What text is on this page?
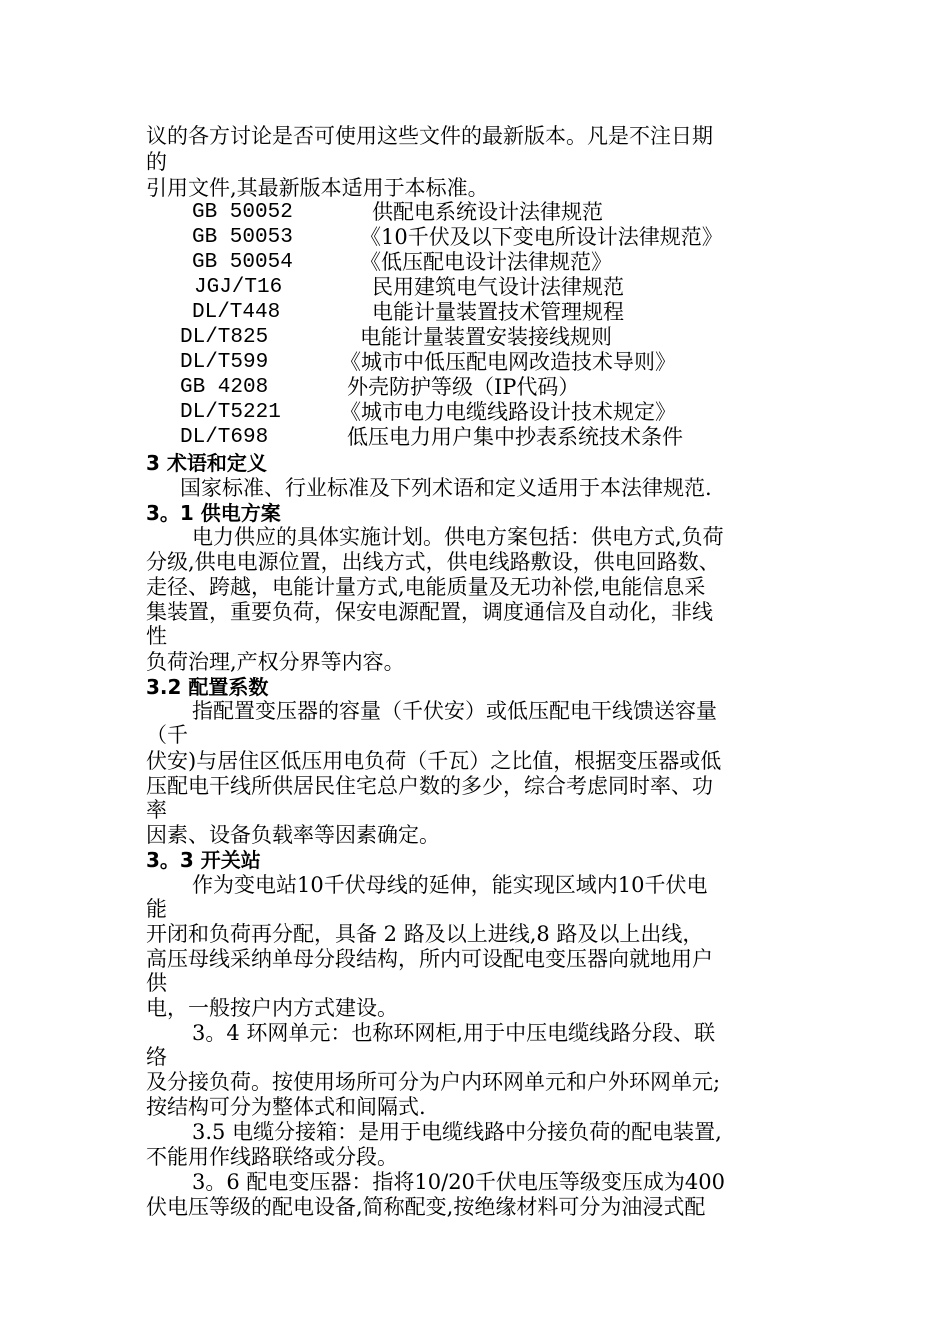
议的各方讨论是否可使用这些文件的最新版本。凡是不注日期
的
引用文件,其最新版本适用于本标准。
GB 50052	供配电系统设计法律规范
GB 50053	《10千伏及以下变电所设计法律规范》
GB 50054	《低压配电设计法律规范》
JGJ/T16	民用建筑电气设计法律规范
DL/T448	电能计量装置技术管理规程
DL/T825	电能计量装置安装接线规则
DL/T599	《城市中低压配电网改造技术导则》
GB 4208	外壳防护等级（IP代码）
DL/T5221	《城市电力电缆线路设计技术规定》
DL/T698	低压电力用户集中抄表系统技术条件
3 术语和定义
国家标准、行业标准及下列术语和定义适用于本法律规范.
3。1 供电方案
电力供应的具体实施计划。供电方案包括：供电方式,负荷
分级,供电电源位置，出线方式，供电线路敷设，供电回路数、
走径、跨越，电能计量方式,电能质量及无功补偿,电能信息采
集装置，重要负荷，保安电源配置，调度通信及自动化，非线
性
负荷治理,产权分界等内容。
3.2 配置系数
指配置变压器的容量（千伏安）或低压配电干线馈送容量
（千
伏安)与居住区低压用电负荷（千瓦）之比值，根据变压器或低
压配电干线所供居民住宅总户数的多少，综合考虑同时率、功
率
因素、设备负载率等因素确定。
3。3 开关站
作为变电站10千伏母线的延伸，能实现区域内10千伏电
能
开闭和负荷再分配，具备 2 路及以上进线,8 路及以上出线，
高压母线采纳单母分段结构，所内可设配电变压器向就地用户
供
电，一般按户内方式建设。
3。4 环网单元：也称环网柜,用于中压电缆线路分段、联
络
及分接负荷。按使用场所可分为户内环网单元和户外环网单元;
按结构可分为整体式和间隔式.
3.5 电缆分接箱：是用于电缆线路中分接负荷的配电装置,
不能用作线路联络或分段。
3。6 配电变压器：指将10/20千伏电压等级变压成为400
伏电压等级的配电设备,简称配变,按绝缘材料可分为油浸式配
